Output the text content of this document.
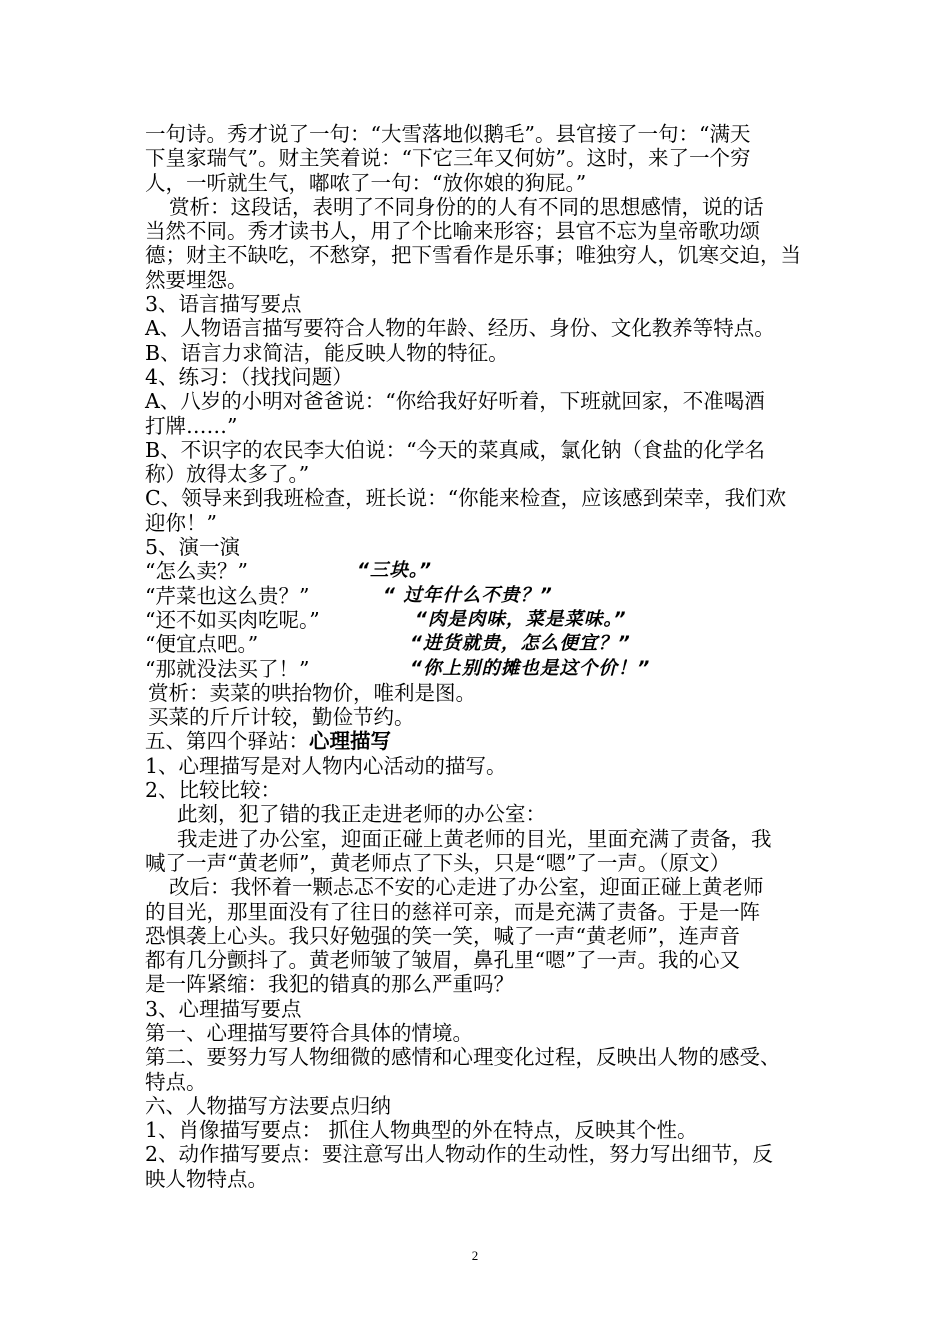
一句诗。秀才说了一句：“大雪落地似鹅毛”。县官接了一句：“满天
下皇家瑞气”。财主笑着说：“下它三年又何妨”。这时，来了一个穷
人，一听就生气，嘟哝了一句：“放你娘的狗屁。”
赏析：这段话，表明了不同身份的的人有不同的思想感情，说的话
当然不同。秀才读书人，用了个比喻来形容；县官不忘为皇帝歌功颂
德；财主不缺吃，不愁穿，把下雪看作是乐事；唯独穷人，饥寒交迫，当
然要埋怨。
3、语言描写要点
A、人物语言描写要符合人物的年龄、经历、身份、文化教养等特点。
B、语言力求简洁，能反映人物的特征。
4、练习：（找找问题）
A、八岁的小明对爸爸说：“你给我好好听着，下班就回家，不准喝酒
打牌……”
B、不识字的农民李大伯说：“今天的菜真咸，氯化钠（食盐的化学名
称）放得太多了。”
C、领导来到我班检查，班长说：“你能来检查，应该感到荣幸，我们欢
迎你！”
5、演一演
“怎么卖？”	“三块。”
“芹菜也这么贵？”	“ 过年什么不贵？”
“还不如买肉吃呢。”	“肉是肉味，菜是菜味。”
“便宜点吧。”	“进货就贵，怎么便宜？”
“那就没法买了！”	“你上别的摊也是这个价！”
赏析：卖菜的哄抬物价，唯利是图。
买菜的斤斤计较，勤俭节约。
五、第四个驿站：心理描写
1、心理描写是对人物内心活动的描写。
2、比较比较：
此刻，犯了错的我正走进老师的办公室：
我走进了办公室，迎面正碰上黄老师的目光，里面充满了责备，我
喊了一声“黄老师”，黄老师点了下头，只是“嗯”了一声。（原文）
改后：我怀着一颗忐忑不安的心走进了办公室，迎面正碰上黄老师
的目光，那里面没有了往日的慈祥可亲，而是充满了责备。于是一阵
恐惧袭上心头。我只好勉强的笑一笑，喊了一声“黄老师”，连声音
都有几分颤抖了。黄老师皱了皱眉，鼻孔里“嗯”了一声。我的心又
是一阵紧缩：我犯的错真的那么严重吗？
3、心理描写要点
第一、心理描写要符合具体的情境。
第二、要努力写人物细微的感情和心理变化过程，反映出人物的感受、
特点。
六、人物描写方法要点归纳
1、肖像描写要点： 抓住人物典型的外在特点，反映其个性。
2、动作描写要点：要注意写出人物动作的生动性，努力写出细节，反
映人物特点。
2
